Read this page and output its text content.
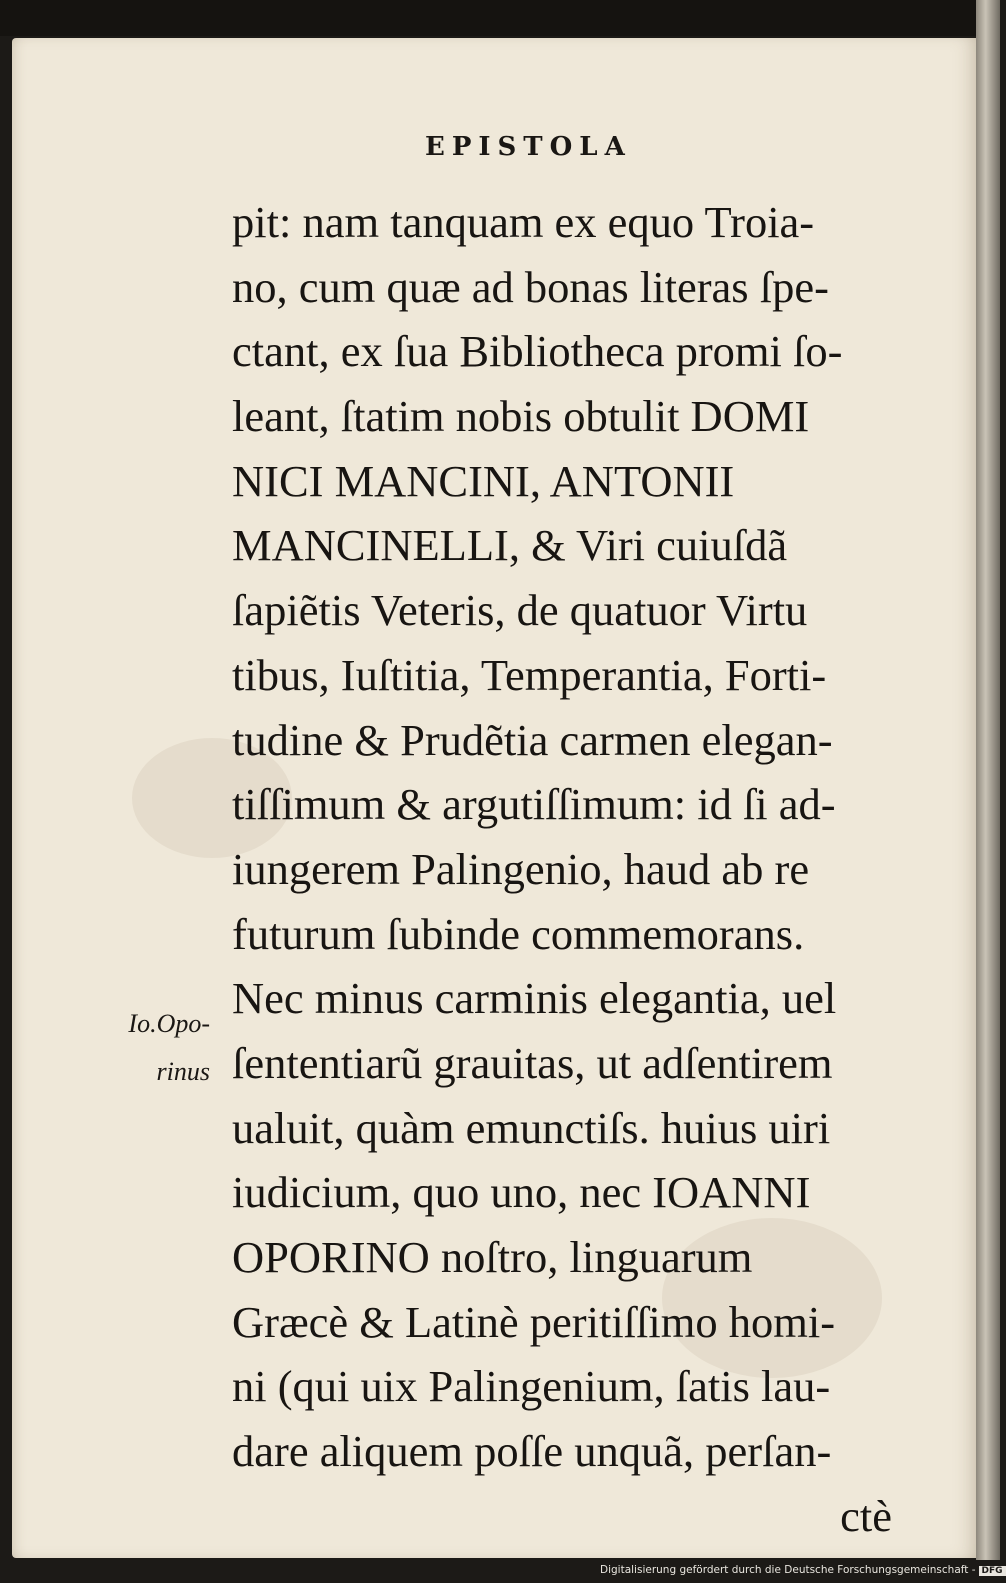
EPISTOLA
pit: nam tanquam ex equo Troia-
no, cum quæ ad bonas literas ſpe-
ctant, ex ſua Bibliotheca promi ſo-
leant, ſtatim nobis obtulit DOMI
NICI MANCINI, ANTONII
MANCINELLI, & Viri cuiuſdã
ſapiẽtis Veteris, de quatuor Virtu
tibus, Iuſtitia, Temperantia, Forti-
tudine & Prudẽtia carmen elegan-
tiſſimum & argutiſſimum: id ſi ad-
iungerem Palingenio, haud ab re
futurum ſubinde commemorans.
Nec minus carminis elegantia, uel
ſententiarũ grauitas, ut adſentirem
ualuit, quàm emunctiſs. huius uiri
iudicium, quo uno, nec IOANNI
OPORINO noſtro, linguarum
Græcè & Latinè peritiſſimo homi-
ni (qui uix Palingenium, ſatis lau-
dare aliquem poſſe unquã, perſan-
ctè
Io.Opo-
rinus
Digitalisierung gefördert durch die Deutsche Forschungsgemeinschaft - DFG
